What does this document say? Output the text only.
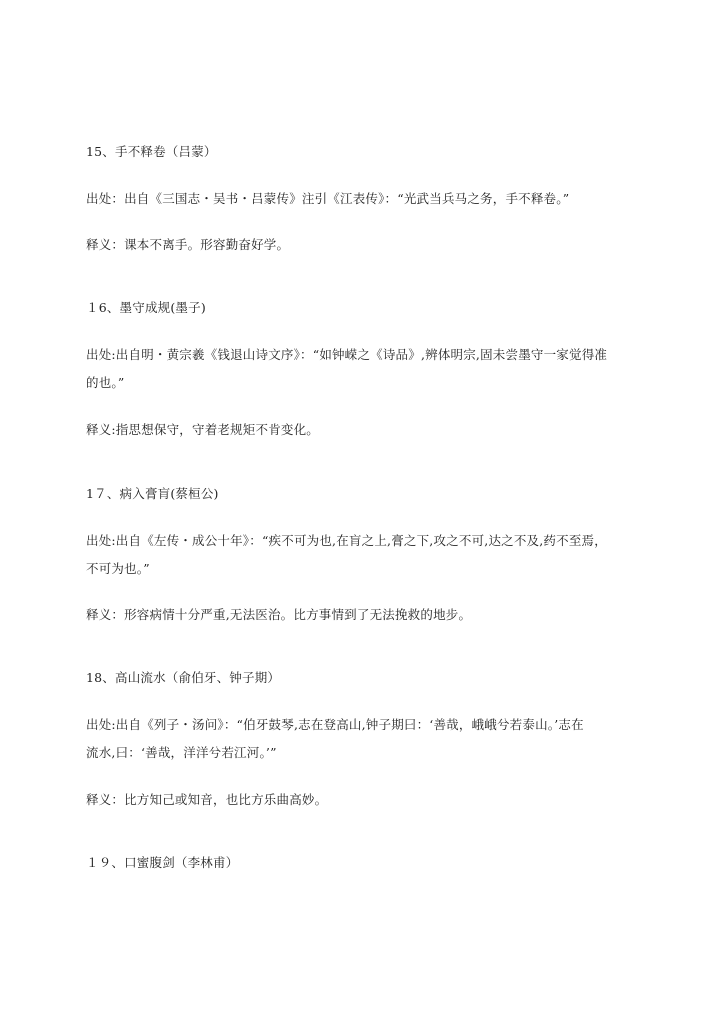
15、手不释卷（吕蒙）
出处：出自《三国志・吴书・吕蒙传》注引《江表传》：“光武当兵马之务，手不释卷。”
释义：课本不离手。形容勤奋好学。
１6、墨守成规(墨子)
出处:出自明・黄宗羲《钱退山诗文序》：“如钟嵘之《诗品》,辨体明宗,固未尝墨守一家觉得准
的也。”
释义:指思想保守，守着老规矩不肯变化。
1７、病入膏肓(蔡桓公)
出处:出自《左传・成公十年》：“疾不可为也,在肓之上,膏之下,攻之不可,达之不及,药不至焉，
不可为也。”
释义：形容病情十分严重,无法医治。比方事情到了无法挽救的地步。
18、高山流水（俞伯牙、钟子期）
出处:出自《列子・汤问》：“伯牙鼓琴,志在登高山,钟子期曰：‘善哉，峨峨兮若泰山。’志在
流水,曰：‘善哉，洋洋兮若江河。’”
释义：比方知己或知音，也比方乐曲高妙。
１９、口蜜腹剑（李林甫）
